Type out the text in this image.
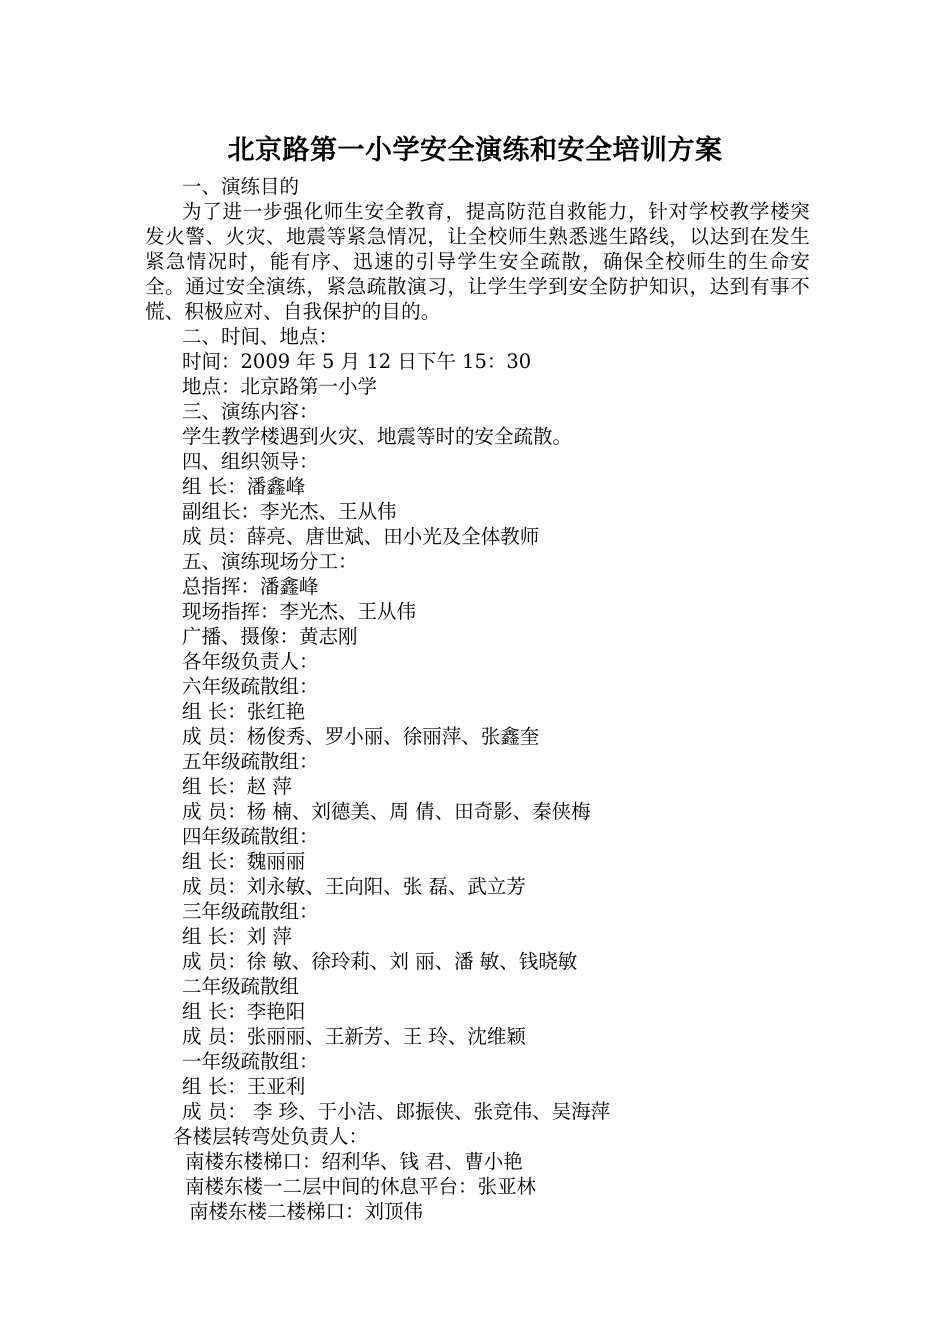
北京路第一小学安全演练和安全培训方案
一、演练目的
为了进一步强化师生安全教育，提高防范自救能力，针对学校教学楼突发火警、火灾、地震等紧急情况，让全校师生熟悉逃生路线，以达到在发生紧急情况时，能有序、迅速的引导学生安全疏散，确保全校师生的生命安全。通过安全演练，紧急疏散演习，让学生学到安全防护知识，达到有事不慌、积极应对、自我保护的目的。
二、时间、地点：
时间：2009 年 5 月 12 日下午 15：30
地点：北京路第一小学
三、演练内容：
学生教学楼遇到火灾、地震等时的安全疏散。
四、组织领导：
组 长：潘鑫峰
副组长：李光杰、王从伟
成 员：薛亮、唐世斌、田小光及全体教师
五、演练现场分工：
总指挥：潘鑫峰
现场指挥：李光杰、王从伟
广播、摄像：黄志刚
各年级负责人：
六年级疏散组：
组 长：张红艳
成 员：杨俊秀、罗小丽、徐丽萍、张鑫奎
五年级疏散组：
组 长：赵 萍
成 员：杨 楠、刘德美、周 倩、田奇影、秦侠梅
四年级疏散组：
组 长：魏丽丽
成 员：刘永敏、王向阳、张 磊、武立芳
三年级疏散组：
组 长：刘 萍
成 员：徐 敏、徐玲莉、刘 丽、潘 敏、钱晓敏
二年级疏散组
组 长：李艳阳
成 员：张丽丽、王新芳、王 玲、沈维颖
一年级疏散组：
组 长：王亚利
成 员： 李 珍、于小洁、郎振侠、张竞伟、吴海萍
各楼层转弯处负责人：
南楼东楼梯口：绍利华、钱 君、曹小艳
南楼东楼一二层中间的休息平台：张亚林
南楼东楼二楼梯口：刘顶伟
